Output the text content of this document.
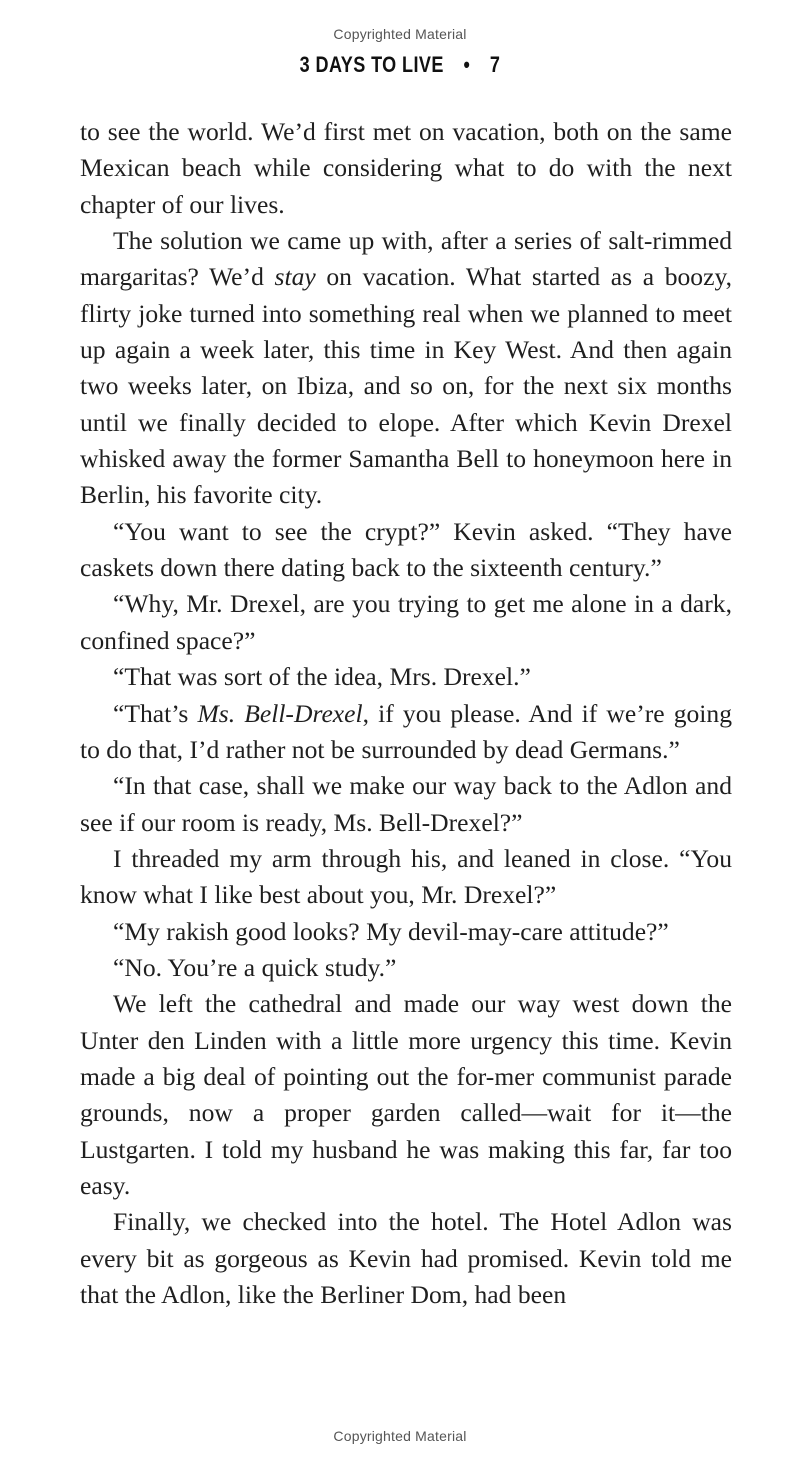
Copyrighted Material
3 DAYS TO LIVE • 7

to see the world. We’d first met on vacation, both on the same Mexican beach while considering what to do with the next chapter of our lives.

The solution we came up with, after a series of salt-rimmed margaritas? We’d stay on vacation. What started as a boozy, flirty joke turned into something real when we planned to meet up again a week later, this time in Key West. And then again two weeks later, on Ibiza, and so on, for the next six months until we finally decided to elope. After which Kevin Drexel whisked away the former Samantha Bell to honeymoon here in Berlin, his favorite city.

“You want to see the crypt?” Kevin asked. “They have caskets down there dating back to the sixteenth century.”

“Why, Mr. Drexel, are you trying to get me alone in a dark, confined space?”

“That was sort of the idea, Mrs. Drexel.”

“That’s Ms. Bell-Drexel, if you please. And if we’re going to do that, I’d rather not be surrounded by dead Germans.”

“In that case, shall we make our way back to the Adlon and see if our room is ready, Ms. Bell-Drexel?”

I threaded my arm through his, and leaned in close. “You know what I like best about you, Mr. Drexel?”

“My rakish good looks? My devil-may-care attitude?”

“No. You’re a quick study.”

We left the cathedral and made our way west down the Unter den Linden with a little more urgency this time. Kevin made a big deal of pointing out the for-mer communist parade grounds, now a proper garden called—wait for it—the Lustgarten. I told my husband he was making this far, far too easy.

Finally, we checked into the hotel. The Hotel Adlon was every bit as gorgeous as Kevin had promised. Kevin told me that the Adlon, like the Berliner Dom, had been

Copyrighted Material
